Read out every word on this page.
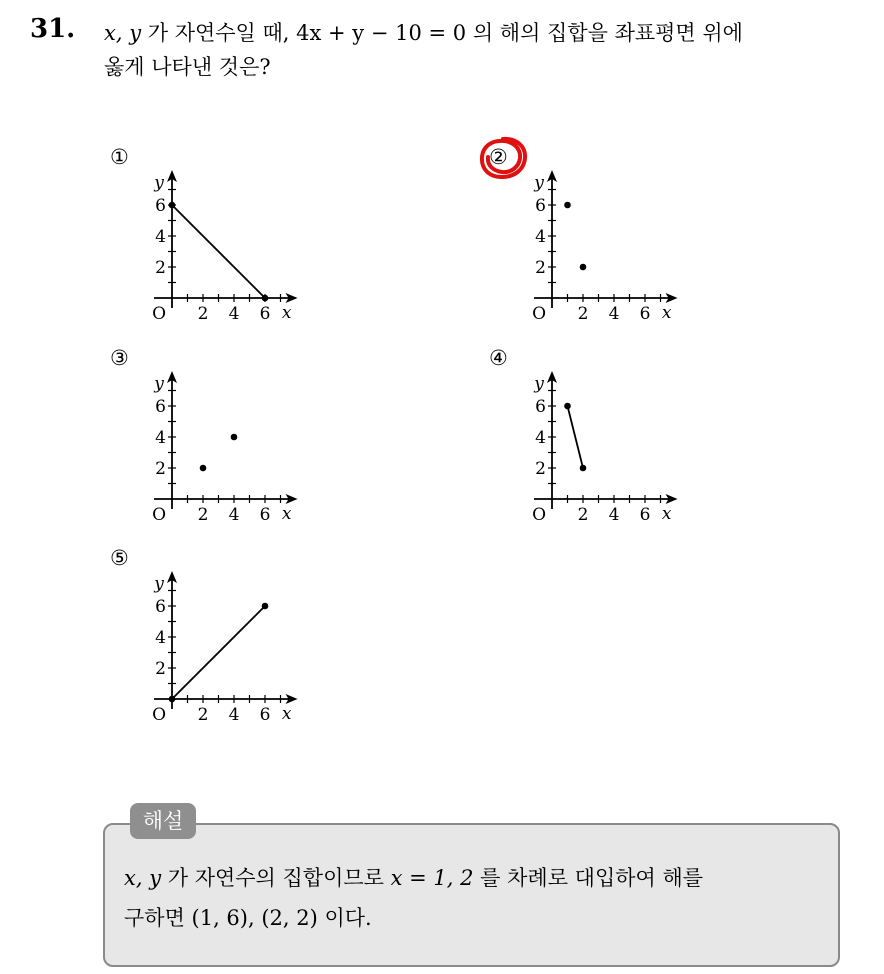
31. x, y 가 자연수일 때, 4x + y − 10 = 0 의 해의 집합을 좌표평면 위에
옳게 나타낸 것은?
①	②
③	④
⑤
2 4 6
2
4
6
O	x
y
2 4 6
2
4
6
O	x
y
2 4 6
2
4
6
O	x
y
2 4 6
2
4
6
O	x
y
2 4 6
2
4
6
O	x
y
해설
x, y 가 자연수의 집합이므로 x = 1, 2 를 차례로 대입하여 해를
구하면 (1, 6), (2, 2) 이다.
